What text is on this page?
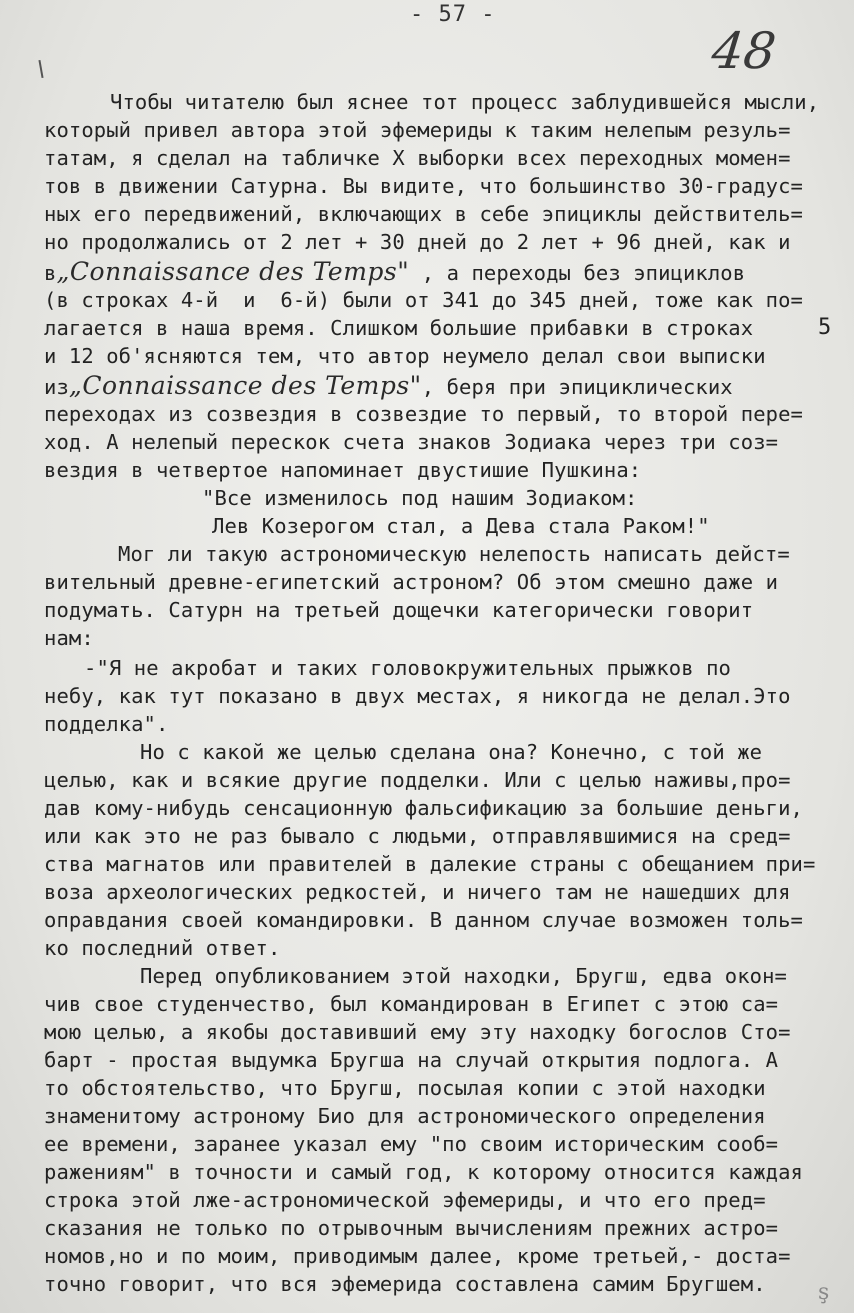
- 57 -
48
5
ş
Чтобы читателю был яснее тот процесс заблудившейся мысли,
который привел автора этой эфемериды к таким нелепым резуль=
татам, я сделал на табличке X выборки всех переходных момен=
тов в движении Сатурна. Вы видите, что большинство 30-градус=
ных его передвижений, включающих в себе эпициклы действитель=
но продолжались от 2 лет + 30 дней до 2 лет + 96 дней, как и
в„Connaissance des Temps" , а переходы без эпициклов
(в строках 4-й  и  6-й) были от 341 до 345 дней, тоже как по=
лагается в наша время. Слишком большие прибавки в строках
и 12 об'ясняются тем, что автор неумело делал свои выписки
из„Connaissance des Temps", беря при эпициклических
переходах из созвездия в созвездие то первый, то второй пере=
ход. А нелепый перескок счета знаков Зодиака через три соз=
вездия в четвертое напоминает двустишие Пушкина:
"Все изменилось под нашим Зодиаком:
Лев Козерогом стал, а Дева стала Раком!"
Мог ли такую астрономическую нелепость написать дейст=
вительный древне-египетский астроном? Об этом смешно даже и
подумать. Сатурн на третьей дощечки категорически говорит
нам:
-"Я не акробат и таких головокружительных прыжков по
небу, как тут показано в двух местах, я никогда не делал.Это
подделка".
Но с какой же целью сделана она? Конечно, с той же
целью, как и всякие другие подделки. Или с целью наживы,про=
дав кому-нибудь сенсационную фальсификацию за большие деньги,
или как это не раз бывало с людьми, отправлявшимися на сред=
ства магнатов или правителей в далекие страны с обещанием при=
воза археологических редкостей, и ничего там не нашедших для
оправдания своей командировки. В данном случае возможен толь=
ко последний ответ.
Перед опубликованием этой находки, Бругш, едва окон=
чив свое студенчество, был командирован в Египет с этою са=
мою целью, а якобы доставивший ему эту находку богослов Сто=
барт - простая выдумка Бругша на случай открытия подлога. А
то обстоятельство, что Бругш, посылая копии с этой находки
знаменитому астроному Био для астрономического определения
ее времени, заранее указал ему "по своим историческим сооб=
ражениям" в точности и самый год, к которому относится каждая
строка этой лже-астрономической эфемериды, и что его пред=
сказания не только по отрывочным вычислениям прежних астро=
номов,но и по моим, приводимым далее, кроме третьей,- доста=
точно говорит, что вся эфемерида составлена самим Бругшем.
